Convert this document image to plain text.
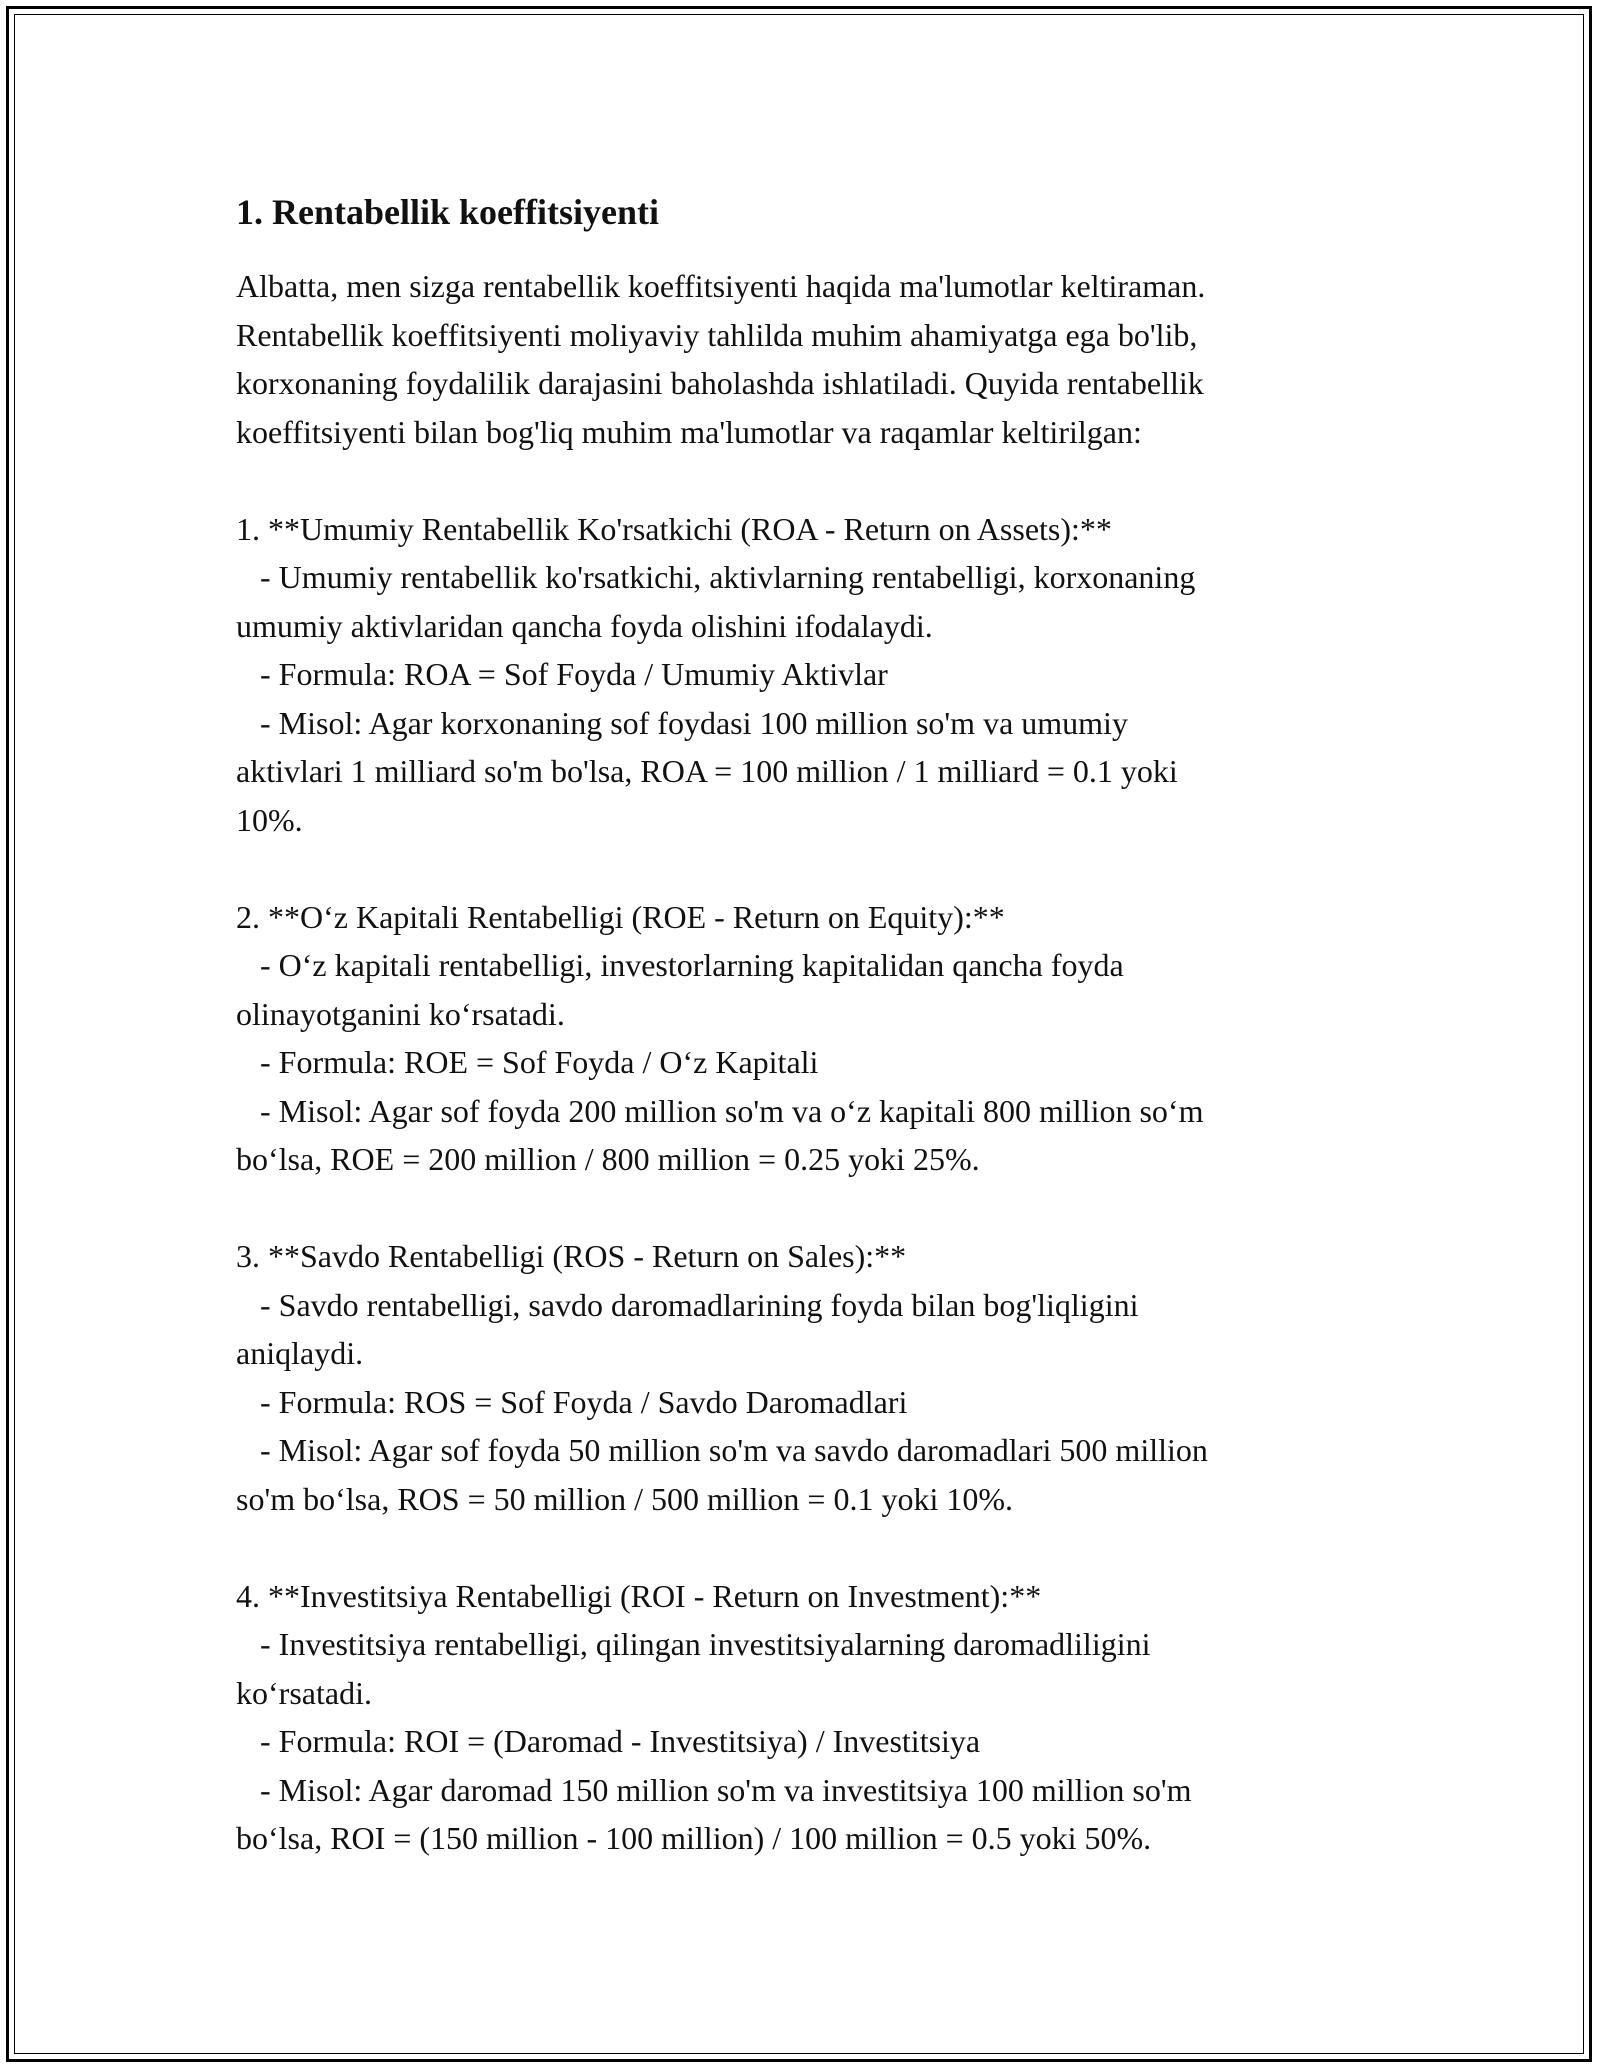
1. Rentabellik koeffitsiyenti
Albatta, men sizga rentabellik koeffitsiyenti haqida ma'lumotlar keltiraman.
Rentabellik koeffitsiyenti moliyaviy tahlilda muhim ahamiyatga ega bo'lib,
korxonaning foydalilik darajasini baholashda ishlatiladi. Quyida rentabellik
koeffitsiyenti bilan bog'liq muhim ma'lumotlar va raqamlar keltirilgan:
1. **Umumiy Rentabellik Ko'rsatkichi (ROA - Return on Assets):**
- Umumiy rentabellik ko'rsatkichi, aktivlarning rentabelligi, korxonaning
umumiy aktivlaridan qancha foyda olishini ifodalaydi.
- Formula: ROA = Sof Foyda / Umumiy Aktivlar
- Misol: Agar korxonaning sof foydasi 100 million so'm va umumiy
aktivlari 1 milliard so'm bo'lsa, ROA = 100 million / 1 milliard = 0.1 yoki
10%.
2. **O‘z Kapitali Rentabelligi (ROE - Return on Equity):**
- O‘z kapitali rentabelligi, investorlarning kapitalidan qancha foyda
olinayotganini ko‘rsatadi.
- Formula: ROE = Sof Foyda / O‘z Kapitali
- Misol: Agar sof foyda 200 million so'm va o‘z kapitali 800 million so‘m
bo‘lsa, ROE = 200 million / 800 million = 0.25 yoki 25%.
3. **Savdo Rentabelligi (ROS - Return on Sales):**
- Savdo rentabelligi, savdo daromadlarining foyda bilan bog'liqligini
aniqlaydi.
- Formula: ROS = Sof Foyda / Savdo Daromadlari
- Misol: Agar sof foyda 50 million so'm va savdo daromadlari 500 million
so'm bo‘lsa, ROS = 50 million / 500 million = 0.1 yoki 10%.
4. **Investitsiya Rentabelligi (ROI - Return on Investment):**
- Investitsiya rentabelligi, qilingan investitsiyalarning daromadliligini
ko‘rsatadi.
- Formula: ROI = (Daromad - Investitsiya) / Investitsiya
- Misol: Agar daromad 150 million so'm va investitsiya 100 million so'm
bo‘lsa, ROI = (150 million - 100 million) / 100 million = 0.5 yoki 50%.
